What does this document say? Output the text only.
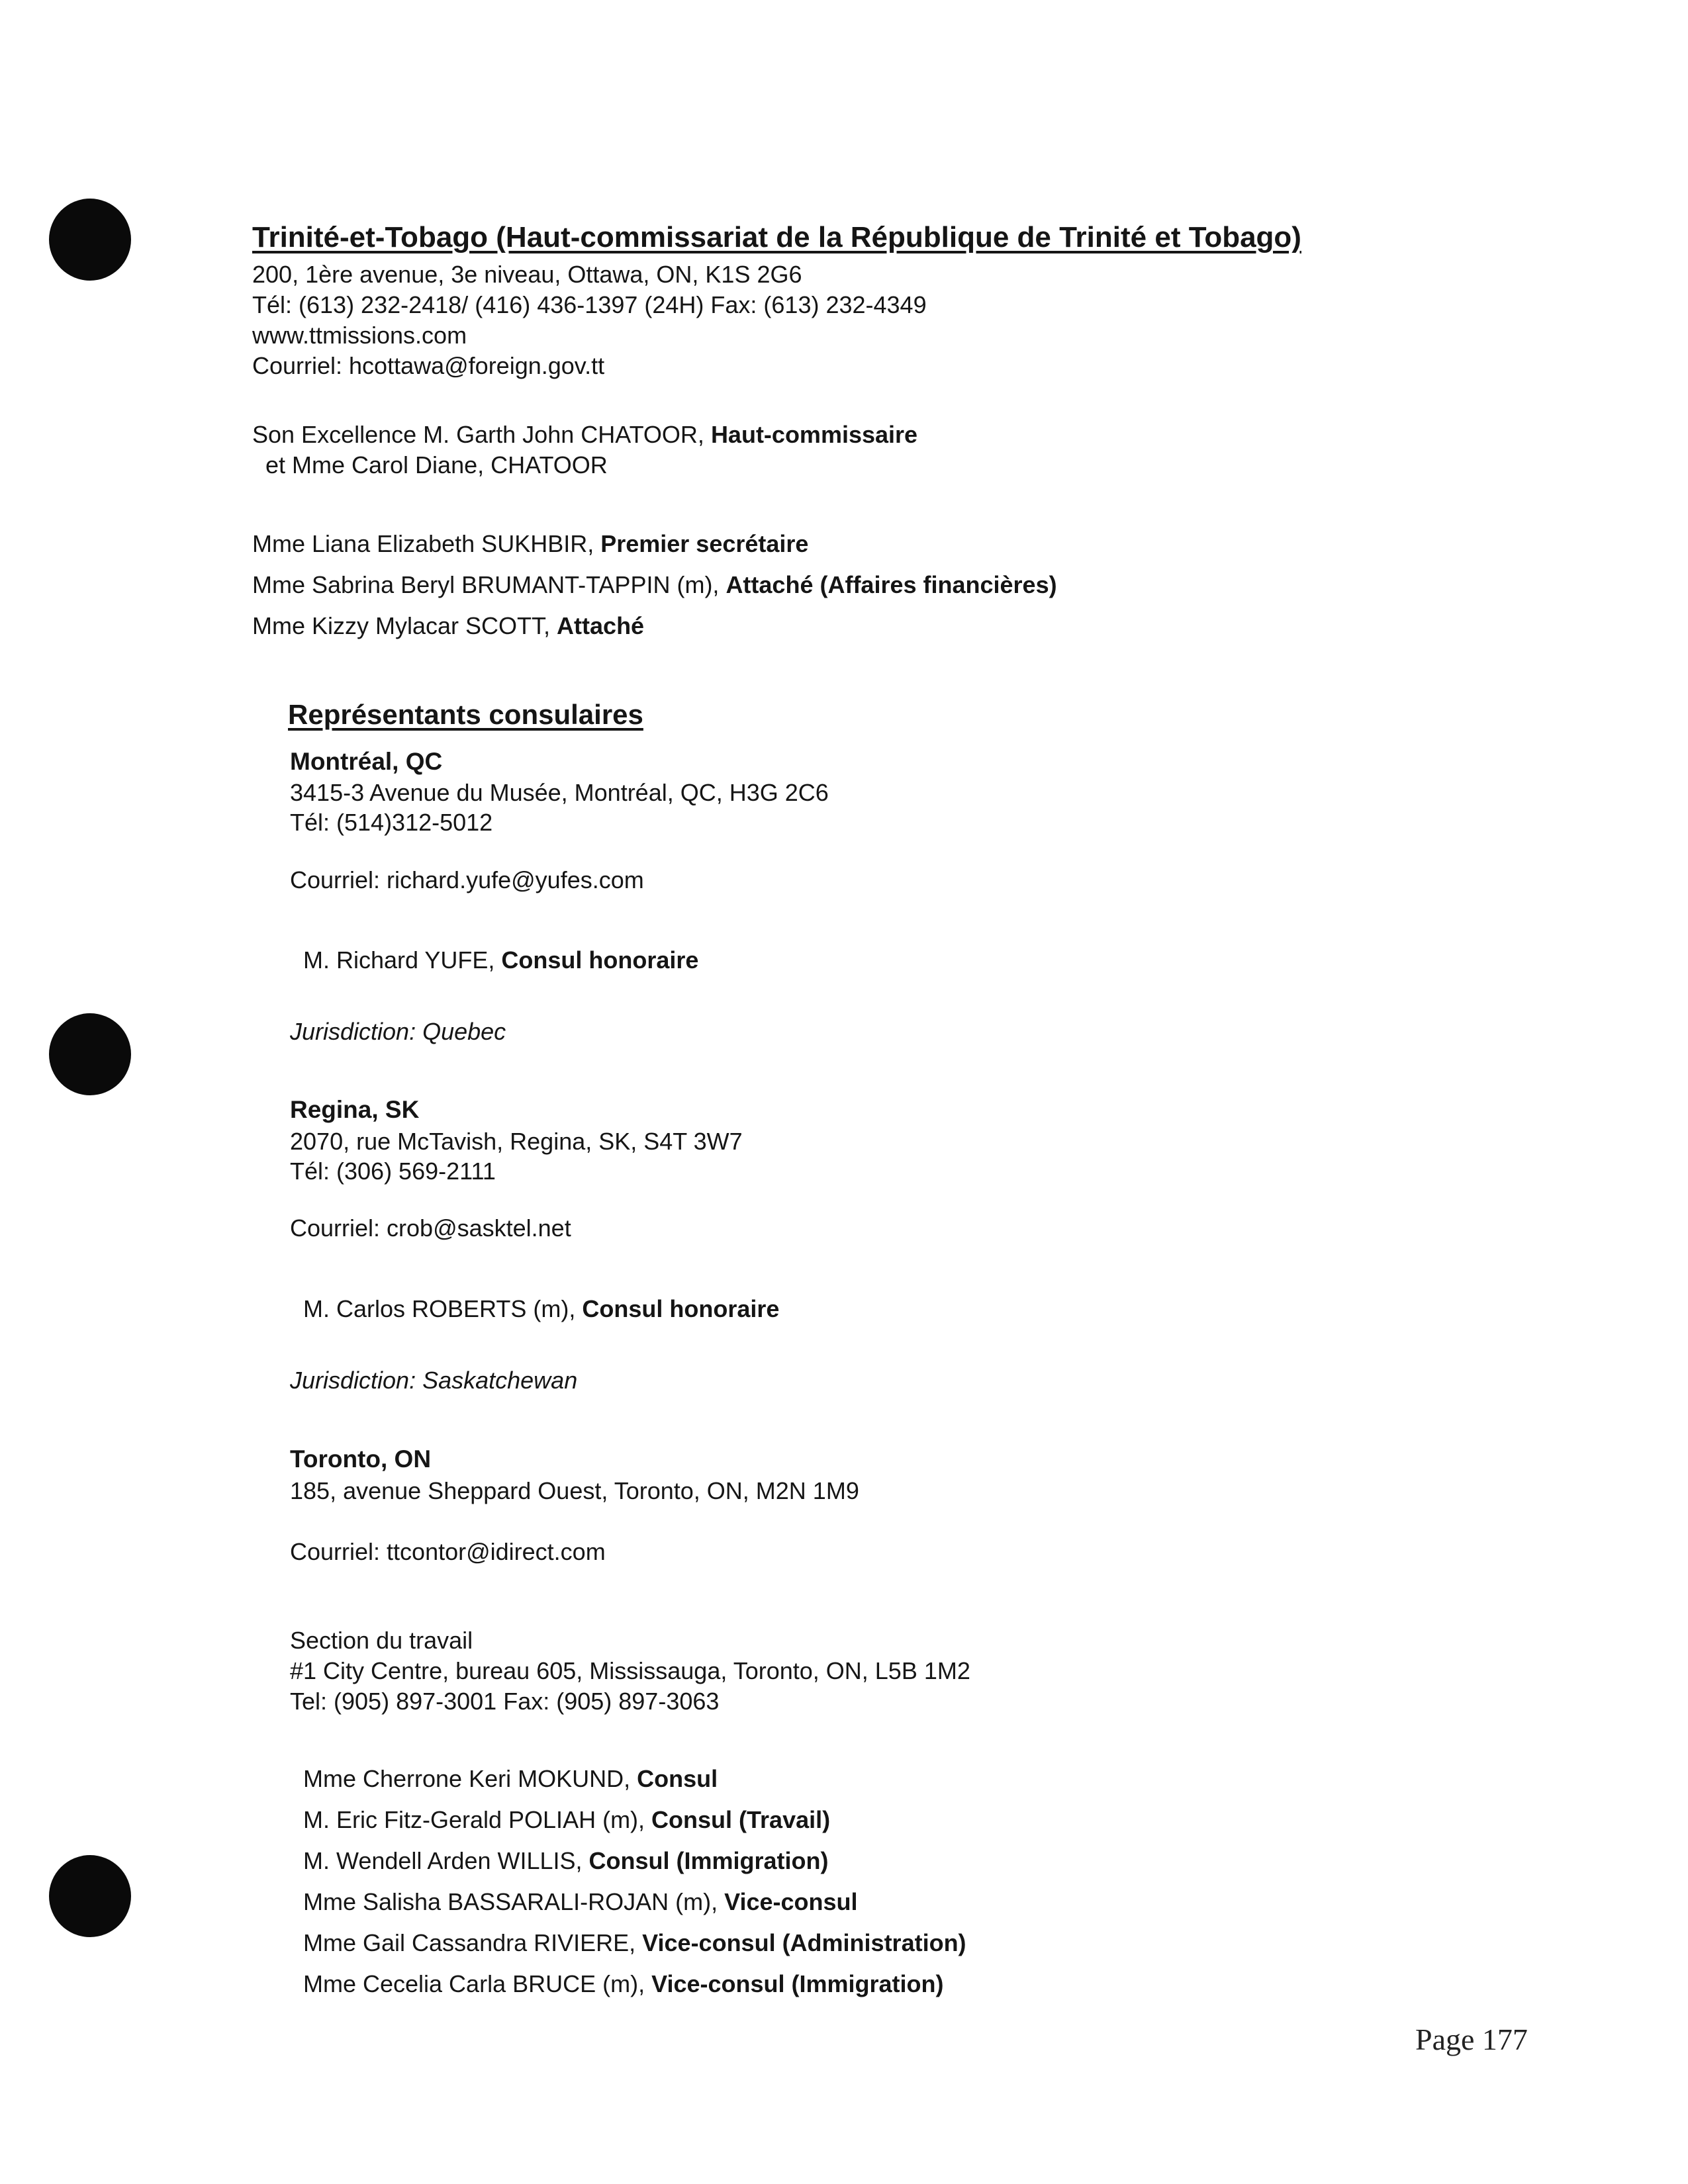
Trinité-et-Tobago (Haut-commissariat de la République de Trinité et Tobago)
200, 1ère avenue, 3e niveau, Ottawa, ON, K1S 2G6
Tél: (613) 232-2418/ (416) 436-1397 (24H) Fax: (613) 232-4349
www.ttmissions.com
Courriel: hcottawa@foreign.gov.tt
Son Excellence M. Garth John CHATOOR, Haut-commissaire
et Mme Carol Diane, CHATOOR
Mme Liana Elizabeth SUKHBIR, Premier secrétaire
Mme Sabrina Beryl BRUMANT-TAPPIN (m), Attaché (Affaires financières)
Mme Kizzy Mylacar SCOTT, Attaché
Représentants consulaires
Montréal, QC
3415-3 Avenue du Musée, Montréal, QC, H3G 2C6
Tél: (514)312-5012
Courriel: richard.yufe@yufes.com
M. Richard YUFE, Consul honoraire
Jurisdiction: Quebec
Regina, SK
2070, rue McTavish, Regina, SK, S4T 3W7
Tél: (306) 569-2111
Courriel: crob@sasktel.net
M. Carlos ROBERTS (m), Consul honoraire
Jurisdiction: Saskatchewan
Toronto, ON
185, avenue Sheppard Ouest, Toronto, ON, M2N 1M9
Courriel: ttcontor@idirect.com
Section du travail
#1 City Centre, bureau 605, Mississauga, Toronto, ON, L5B 1M2
Tel: (905) 897-3001 Fax: (905) 897-3063
Mme Cherrone Keri MOKUND, Consul
M. Eric Fitz-Gerald POLIAH (m), Consul (Travail)
M. Wendell Arden WILLIS, Consul (Immigration)
Mme Salisha BASSARALI-ROJAN (m), Vice-consul
Mme Gail Cassandra RIVIERE, Vice-consul (Administration)
Mme Cecelia Carla BRUCE (m), Vice-consul (Immigration)
Page 177
